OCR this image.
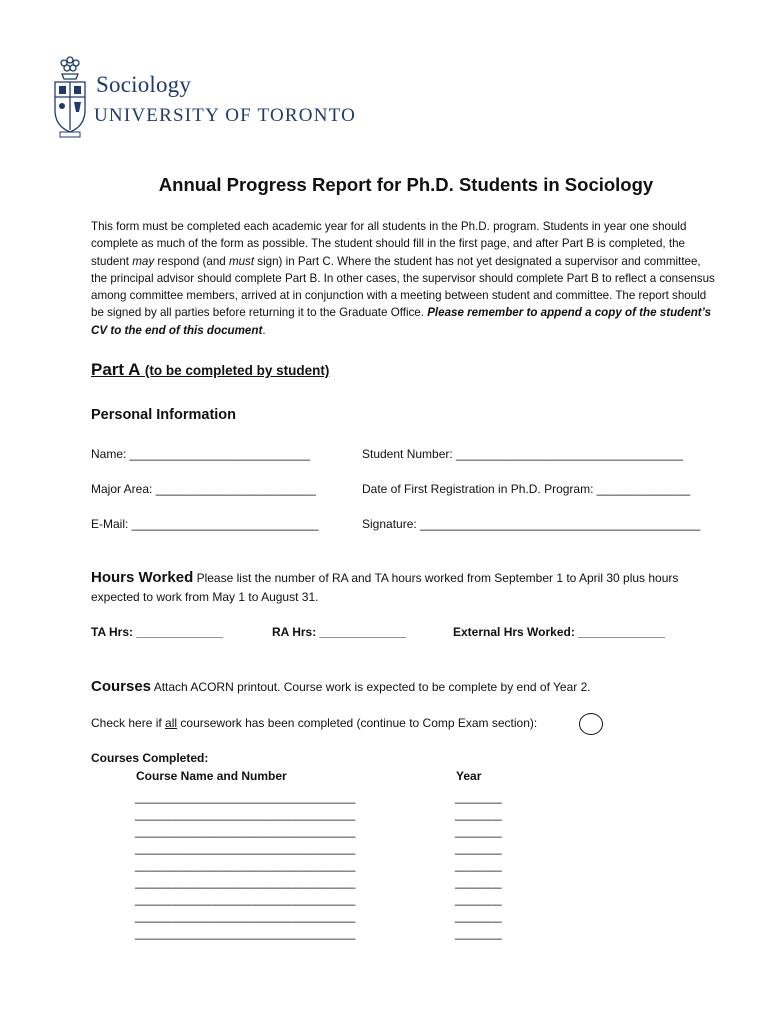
Sociology
UNIVERSITY OF TORONTO
Annual Progress Report for Ph.D. Students in Sociology
This form must be completed each academic year for all students in the Ph.D. program. Students in year one should complete as much of the form as possible. The student should fill in the first page, and after Part B is completed, the student may respond (and must sign) in Part C. Where the student has not yet designated a supervisor and committee, the principal advisor should complete Part B. In other cases, the supervisor should complete Part B to reflect a consensus among committee members, arrived at in conjunction with a meeting between student and committee. The report should be signed by all parties before returning it to the Graduate Office. Please remember to append a copy of the student’s CV to the end of this document.
Part A (to be completed by student)
Personal Information
Name: ___________________________	Student Number: __________________________________
Major Area: ________________________	Date of First Registration in Ph.D. Program: ______________
E-Mail: ____________________________	Signature: __________________________________________
Hours Worked Please list the number of RA and TA hours worked from September 1 to April 30 plus hours expected to work from May 1 to August 31.
TA Hrs: _____________	RA Hrs: _____________	External Hrs Worked: _____________
Courses Attach ACORN printout. Course work is expected to be complete by end of Year 2.
Check here if all coursework has been completed (continue to Comp Exam section):
Courses Completed:
Course Name and Number	Year
_________________________________	_______
_________________________________	_______
_________________________________	_______
_________________________________	_______
_________________________________	_______
_________________________________	_______
_________________________________	_______
_________________________________	_______
_________________________________	_______
